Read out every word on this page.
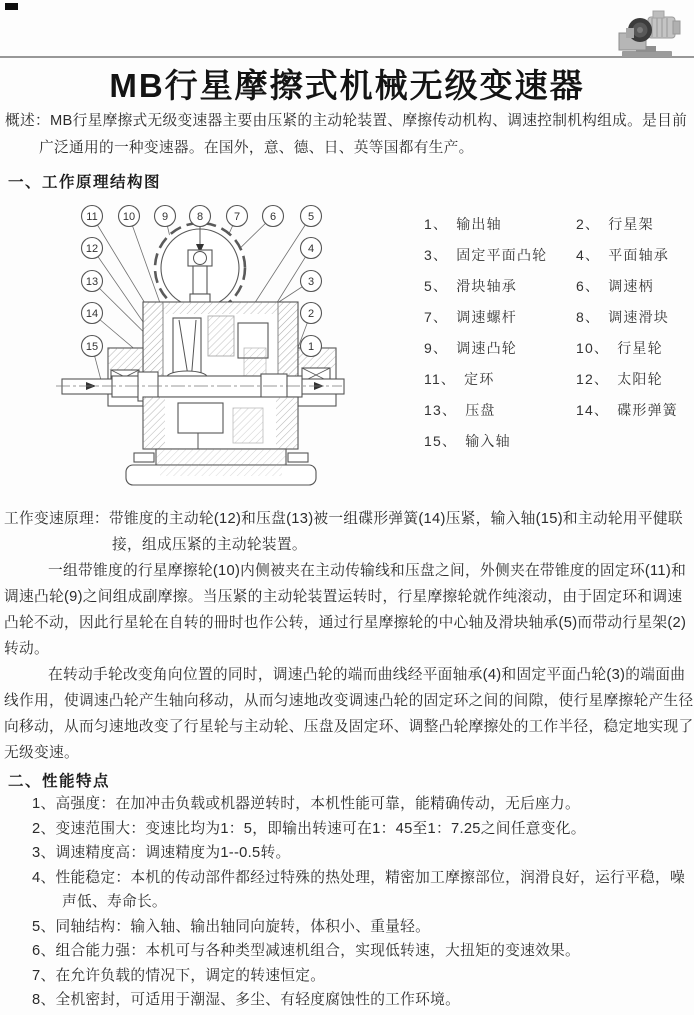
MB行星摩擦式机械无级变速器
概述：MB行星摩擦式无级变速器主要由压紧的主动轮装置、摩擦传动机构、调速控制机构组成。是目前广泛通用的一种变速器。在国外，意、德、日、英等国都有生产。
一、工作原理结构图
11 10 9	8	7	6	5
12
13
14
15
4
3
2
1
1、 输出轴	2、 行星架
3、 固定平面凸轮	4、 平面轴承
5、 滑块轴承	6、 调速柄
7、 调速螺杆	8、 调速滑块
9、 调速凸轮	10、 行星轮
11、 定环	12、 太阳轮
13、 压盘	14、 碟形弹簧
15、 输入轴

工作变速原理：带锥度的主动轮(12)和压盘(13)被一组碟形弹簧(14)压紧，输入轴(15)和主动轮用平健联接，组成压紧的主动轮装置。

一组带锥度的行星摩擦轮(10)内侧被夹在主动传输线和压盘之间，外侧夹在带锥度的固定环(11)和调速凸轮(9)之间组成副摩擦。当压紧的主动轮装置运转时，行星摩擦轮就作纯滚动，由于固定环和调速凸轮不动，因此行星轮在自转的冊时也作公转，通过行星摩擦轮的中心轴及滑块轴承(5)而带动行星架(2)转动。

在转动手轮改变角向位置的同时，调速凸轮的端而曲线经平面轴承(4)和固定平面凸轮(3)的端面曲线作用，使调速凸轮产生轴向移动，从而匀速地改变调速凸轮的固定环之间的间隙，使行星摩擦轮产生径向移动，从而匀速地改变了行星轮与主动轮、压盘及固定环、调整凸轮摩擦处的工作半径，稳定地实现了无级变速。

二、性能特点
1、高强度：在加冲击负载或机器逆转时，本机性能可靠，能精确传动，无后座力。
2、变速范围大：变速比均为1：5，即输出转速可在1：45至1：7.25之间任意变化。
3、调速精度高：调速精度为1--0.5转。
4、性能稳定：本机的传动部件都经过特殊的热处理，精密加工摩擦部位，润滑良好，运行平稳，噪声低、寿命长。
5、同轴结构：输入轴、输出轴同向旋转，体积小、重量轻。
6、组合能力强：本机可与各种类型减速机组合，实现低转速，大扭矩的变速效果。
7、在允许负载的情况下，调定的转速恒定。
8、全机密封，可适用于潮湿、多尘、有轻度腐蚀性的工作环境。
